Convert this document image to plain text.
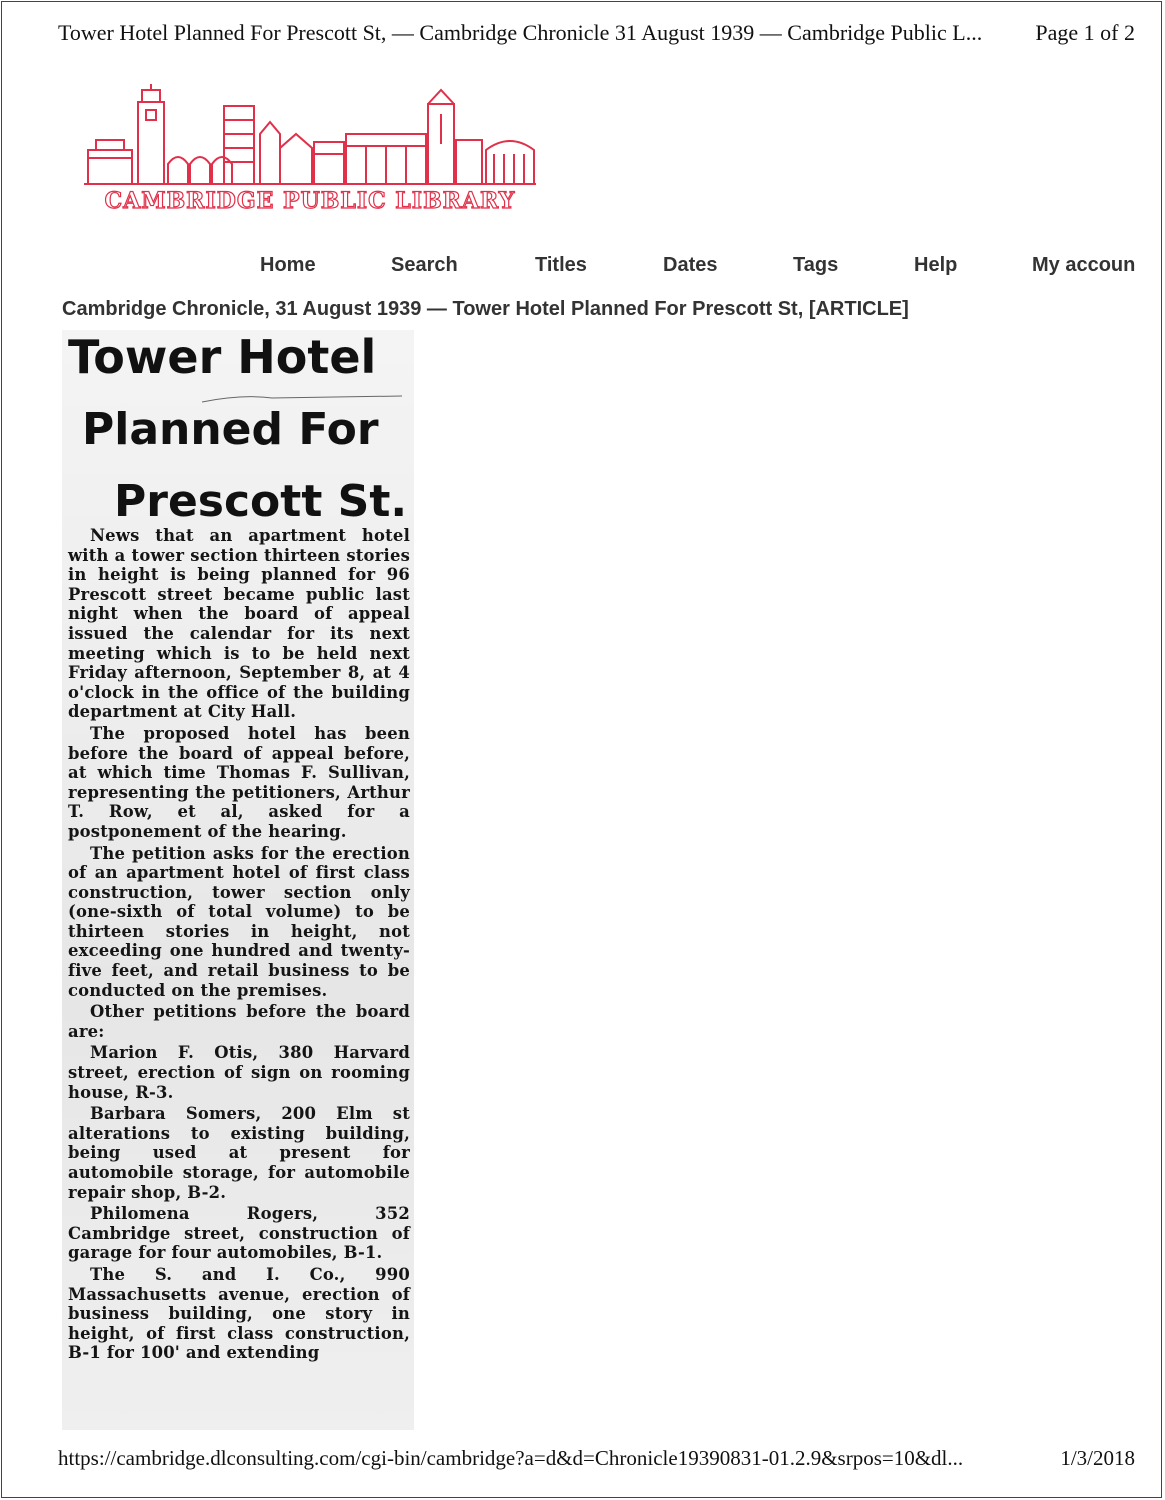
Tower Hotel Planned For Prescott St, — Cambridge Chronicle 31 August 1939 — Cambridge Public L... Page 1 of 2
CAMBRIDGE PUBLIC LIBRARY
Home	Search	Titles	Dates	Tags	Help	My accoun
Cambridge Chronicle, 31 August 1939 — Tower Hotel Planned For Prescott St, [ARTICLE]
Tower Hotel
Planned For
Prescott St.

News that an apartment hotel with a tower section thirteen stories in height is being planned for 96 Prescott street became public last night when the board of appeal issued the calendar for its next meeting which is to be held next Friday afternoon, September 8, at 4 o'clock in the office of the building department at City Hall.

The proposed hotel has been before the board of appeal before, at which time Thomas F. Sullivan, representing the petitioners, Arthur T. Row, et al, asked for a postponement of the hearing.

The petition asks for the erection of an apartment hotel of first class construction, tower section only (one-sixth of total volume) to be thirteen stories in height, not exceeding one hundred and twenty-five feet, and retail business to be conducted on the premises.

Other petitions before the board are:

Marion F. Otis, 380 Harvard street, erection of sign on rooming house, R-3.

Barbara Somers, 200 Elm st alterations to existing building, being used at present for automobile storage, for automobile repair shop, B-2.

Philomena Rogers, 352 Cambridge street, construction of garage for four automobiles, B-1.

The S. and I. Co., 990 Massachusetts avenue, erection of business building, one story in height, of first class construction, B-1 for 100' and extending

https://cambridge.dlconsulting.com/cgi-bin/cambridge?a=d&d=Chronicle19390831-01.2.9&srpos=10&dl...	1/3/2018
